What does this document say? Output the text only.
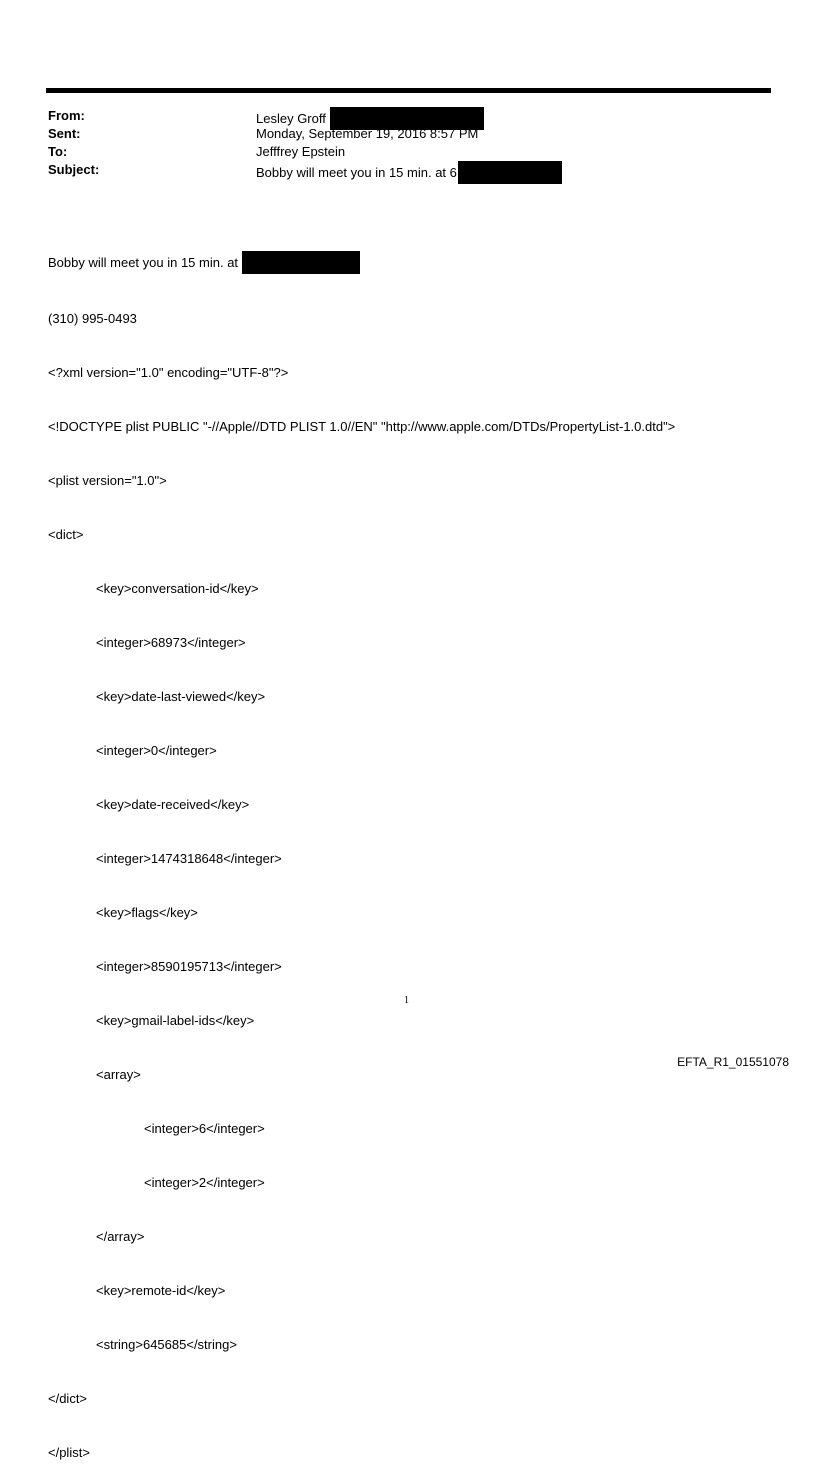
From:	Lesley Groff
Sent:	Monday, September 19, 2016 8:57 PM
To:	Jefffrey Epstein
Subject:	Bobby will meet you in 15 min. at 6

Bobby will meet you in 15 min. at

(310) 995-0493

<?xml version="1.0" encoding="UTF-8"?>

<!DOCTYPE plist PUBLIC "-//Apple//DTD PLIST 1.0//EN" "http://www.apple.com/DTDs/PropertyList-1.0.dtd">

<plist version="1.0">

<dict>

<key>conversation-id</key>

<integer>68973</integer>

<key>date-last-viewed</key>

<integer>0</integer>

<key>date-received</key>

<integer>1474318648</integer>

<key>flags</key>

<integer>8590195713</integer>

<key>gmail-label-ids</key>

<array>

<integer>6</integer>

<integer>2</integer>

</array>

<key>remote-id</key>

<string>645685</string>

</dict>

</plist>

1
EFTA_R1_01551078
